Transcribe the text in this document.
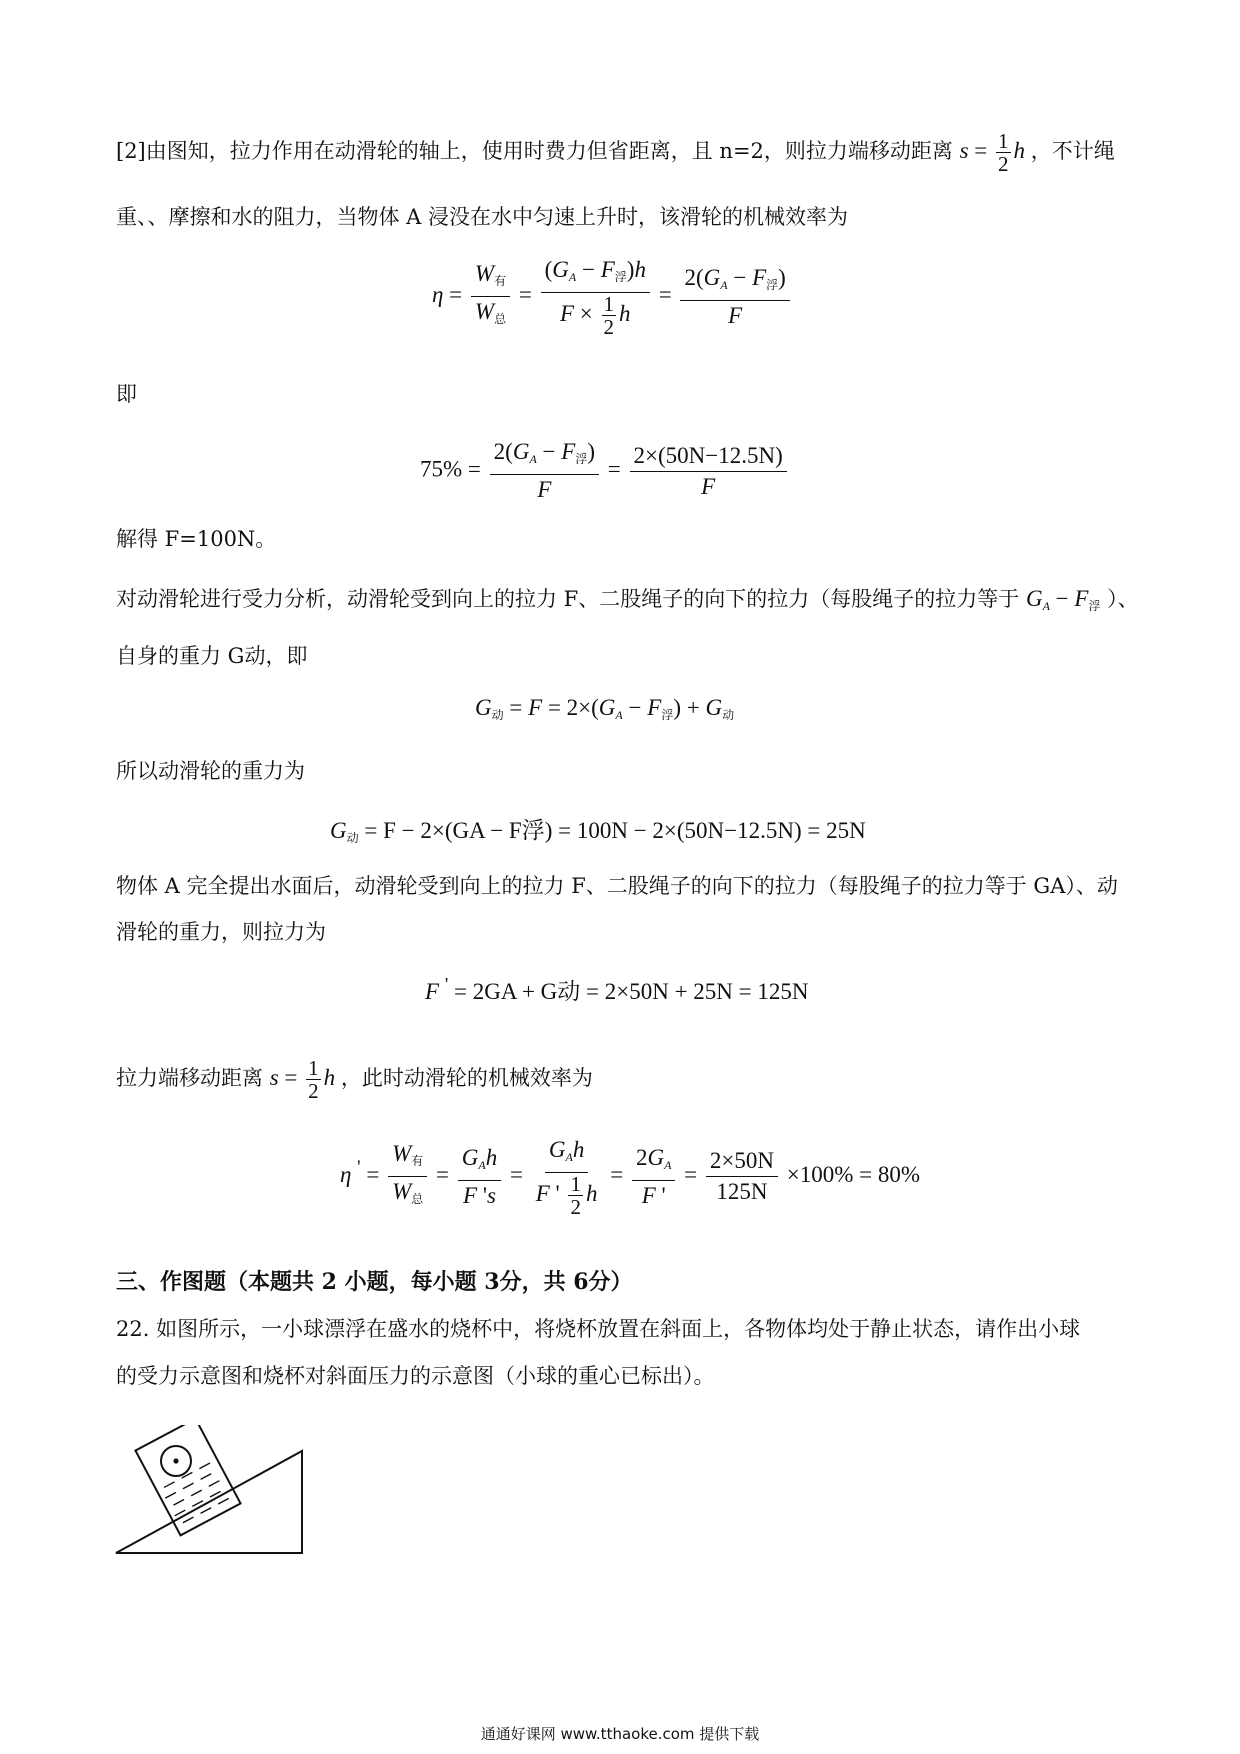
[2]由图知，拉力作用在动滑轮的轴上，使用时费力但省距离，且 n=2，则拉力端移动距离 $s = \frac{1}{2}$ h ，不计绳
重、、摩擦和水的阻力，当物体 A 浸没在水中匀速上升时，该滑轮的机械效率为
$\eta = \frac{W_有}{W_总} = \frac{(G_A - F_浮)h}{F \times \frac{1}{2} h} = \frac{2(G_A - F_浮)}{F}$
即
$75\% = \frac{2(G_A - F_浮)}{F} = \frac{2\times(50N-12.5N)}{F}$
解得 F=100N。
对动滑轮进行受力分析，动滑轮受到向上的拉力 F、二股绳子的向下的拉力（每股绳子的拉力等于 $G_A - F_浮$ ）、
自身的重力 G动，即
$G_动 = F = 2\times(G_A - F_浮) + G_动$
所以动滑轮的重力为
$G_动 = F - 2\times(GA - F$浮) = 100N − 2×(50N−12.5N) = 25N
物体 A 完全提出水面后，动滑轮受到向上的拉力 F、二股绳子的向下的拉力（每股绳子的拉力等于 GA）、动
滑轮的重力，则拉力为
F ' = 2GA + G动 = 2×50N + 25N = 125N
拉力端移动距离 $s = \frac{1}{2}$ h ，此时动滑轮的机械效率为
η $' = \frac{W_有}{W_总} = \frac{G_Ah}{F 's} = \frac{G_Ah}{F ' \frac{1}{2} h} = \frac{2G_A}{F '} = \frac{2\times 50N}{125N} \times 100\% = 80\%$
三、作图题（本题共 2 小题，每小题 3分，共 6分）
22. 如图所示，一小球漂浮在盛水的烧杯中，将烧杯放置在斜面上，各物体均处于静止状态，请作出小球
的受力示意图和烧杯对斜面压力的示意图（小球的重心已标出）。
通通好课网 www.tthaoke.com 提供下载
